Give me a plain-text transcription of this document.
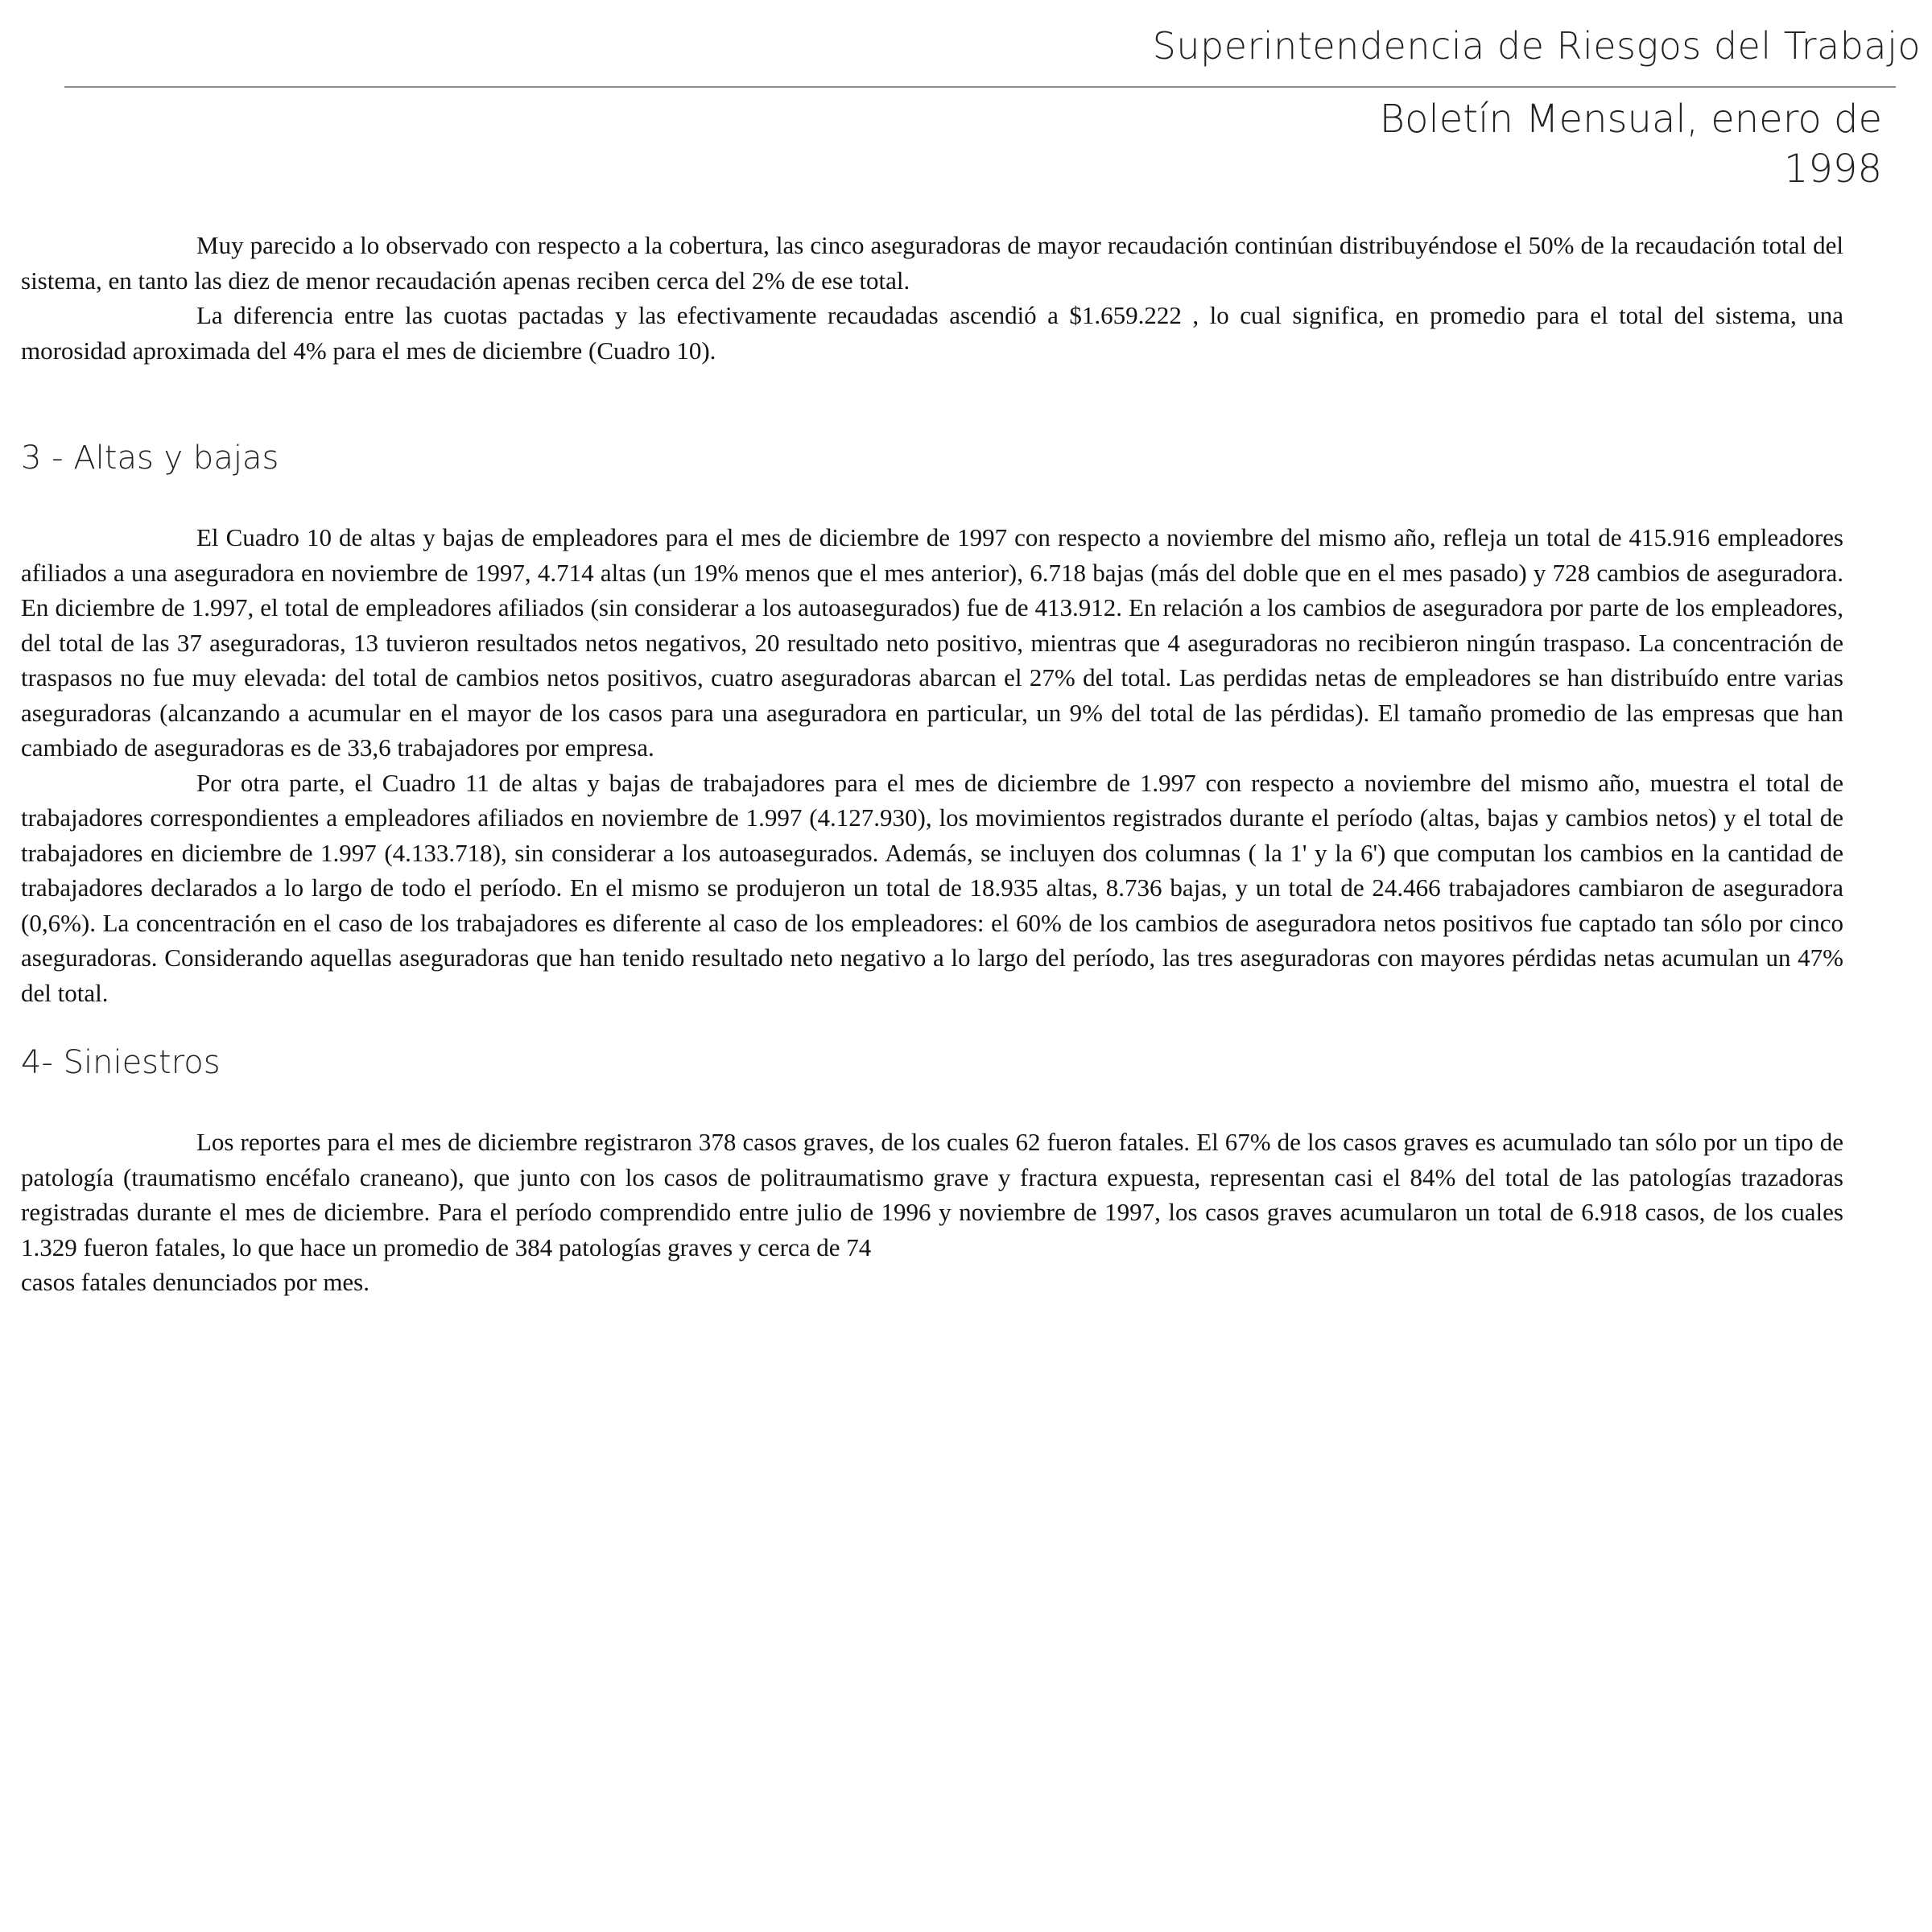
Superintendencia de Riesgos del Trabajo
Boletín Mensual, enero de
1998

Muy parecido a lo observado con respecto a la cobertura, las cinco aseguradoras de mayor recaudación continúan distribuyéndose el 50% de la recaudación total del sistema, en tanto las diez de menor recaudación apenas reciben cerca del 2% de ese total.

La diferencia entre las cuotas pactadas y las efectivamente recaudadas ascendió a $1.659.222 , lo cual significa, en promedio para el total del sistema, una morosidad aproximada del 4% para el mes de diciembre (Cuadro 10).

3 - Altas y bajas

El Cuadro 10 de altas y bajas de empleadores para el mes de diciembre de 1997 con respecto a noviembre del mismo año, refleja un total de 415.916 empleadores afiliados a una aseguradora en noviembre de 1997, 4.714 altas (un 19% menos que el mes anterior), 6.718 bajas (más del doble que en el mes pasado) y 728 cambios de aseguradora. En diciembre de 1.997, el total de empleadores afiliados (sin considerar a los autoasegurados) fue de 413.912. En relación a los cambios de aseguradora por parte de los empleadores, del total de las 37 aseguradoras, 13 tuvieron resultados netos negativos, 20 resultado neto positivo, mientras que 4 aseguradoras no recibieron ningún traspaso. La concentración de traspasos no fue muy elevada: del total de cambios netos positivos, cuatro aseguradoras abarcan el 27% del total. Las perdidas netas de empleadores se han distribuído entre varias aseguradoras (alcanzando a acumular en el mayor de los casos para una aseguradora en particular, un 9% del total de las pérdidas). El tamaño promedio de las empresas que han cambiado de aseguradoras es de 33,6 trabajadores por empresa.

Por otra parte, el Cuadro 11 de altas y bajas de trabajadores para el mes de diciembre de 1.997 con respecto a noviembre del mismo año, muestra el total de trabajadores correspondientes a empleadores afiliados en noviembre de 1.997 (4.127.930), los movimientos registrados durante el período (altas, bajas y cambios netos) y el total de trabajadores en diciembre de 1.997 (4.133.718), sin considerar a los autoasegurados. Además, se incluyen dos columnas ( la 1' y la 6') que computan los cambios en la cantidad de trabajadores declarados a lo largo de todo el período. En el mismo se produjeron un total de 18.935 altas, 8.736 bajas, y un total de 24.466 trabajadores cambiaron de aseguradora (0,6%). La concentración en el caso de los trabajadores es diferente al caso de los empleadores: el 60% de los cambios de aseguradora netos positivos fue captado tan sólo por cinco aseguradoras. Considerando aquellas aseguradoras que han tenido resultado neto negativo a lo largo del período, las tres aseguradoras con mayores pérdidas netas acumulan un 47% del total.

4- Siniestros

Los reportes para el mes de diciembre registraron 378 casos graves, de los cuales 62 fueron fatales. El 67% de los casos graves es acumulado tan sólo por un tipo de patología (traumatismo encéfalo craneano), que junto con los casos de politraumatismo grave y fractura expuesta, representan casi el 84% del total de las patologías trazadoras registradas durante el mes de diciembre. Para el período comprendido entre julio de 1996 y noviembre de 1997, los casos graves acumularon un total de 6.918 casos, de los cuales 1.329 fueron fatales, lo que hace un promedio de 384 patologías graves y cerca de 74

casos fatales denunciados por mes.
